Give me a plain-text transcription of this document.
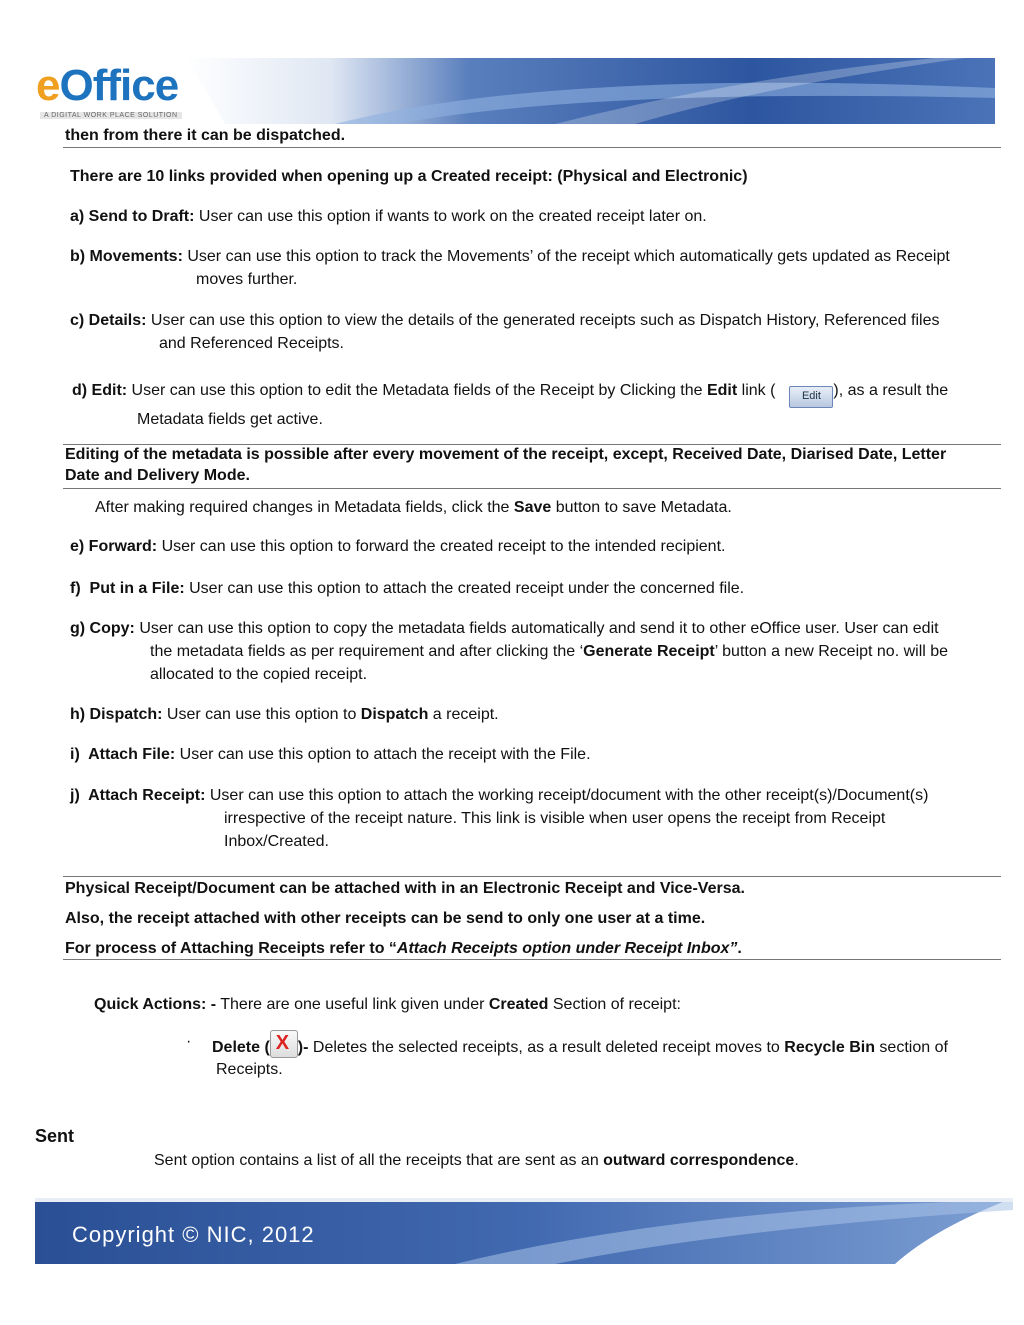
eOffice
A DIGITAL WORK PLACE SOLUTION
then from there it can be dispatched.
There are 10 links provided when opening up a Created receipt: (Physical and Electronic)
a) Send to Draft: User can use this option if wants to work on the created receipt later on.
b) Movements: User can use this option to track the Movements’ of the receipt which automatically gets updated as Receipt
moves further.
c) Details: User can use this option to view the details of the generated receipts such as Dispatch History, Referenced files
and Referenced Receipts.
d) Edit: User can use this option to edit the Metadata fields of the Receipt by Clicking the Edit link ( Edit ), as a result the
Metadata fields get active.
Editing of the metadata is possible after every movement of the receipt, except, Received Date, Diarised Date, Letter
Date and Delivery Mode.
After making required changes in Metadata fields, click the Save button to save Metadata.
e) Forward: User can use this option to forward the created receipt to the intended recipient.
f)  Put in a File: User can use this option to attach the created receipt under the concerned file.
g) Copy: User can use this option to copy the metadata fields automatically and send it to other eOffice user. User can edit
the metadata fields as per requirement and after clicking the ‘Generate Receipt’ button a new Receipt no. will be
allocated to the copied receipt.
h) Dispatch: User can use this option to Dispatch a receipt.
i)  Attach File: User can use this option to attach the receipt with the File.
j)  Attach Receipt: User can use this option to attach the working receipt/document with the other receipt(s)/Document(s)
irrespective of the receipt nature. This link is visible when user opens the receipt from Receipt
Inbox/Created.
Physical Receipt/Document can be attached with in an Electronic Receipt and Vice-Versa.
Also, the receipt attached with other receipts can be send to only one user at a time.
For process of Attaching Receipts refer to “Attach Receipts option under Receipt Inbox”.
Quick Actions: - There are one useful link given under Created Section of receipt:
· Delete ( X )- Deletes the selected receipts, as a result deleted receipt moves to Recycle Bin section of
Receipts.
Sent
Sent option contains a list of all the receipts that are sent as an outward correspondence.
Copyright © NIC, 2012
